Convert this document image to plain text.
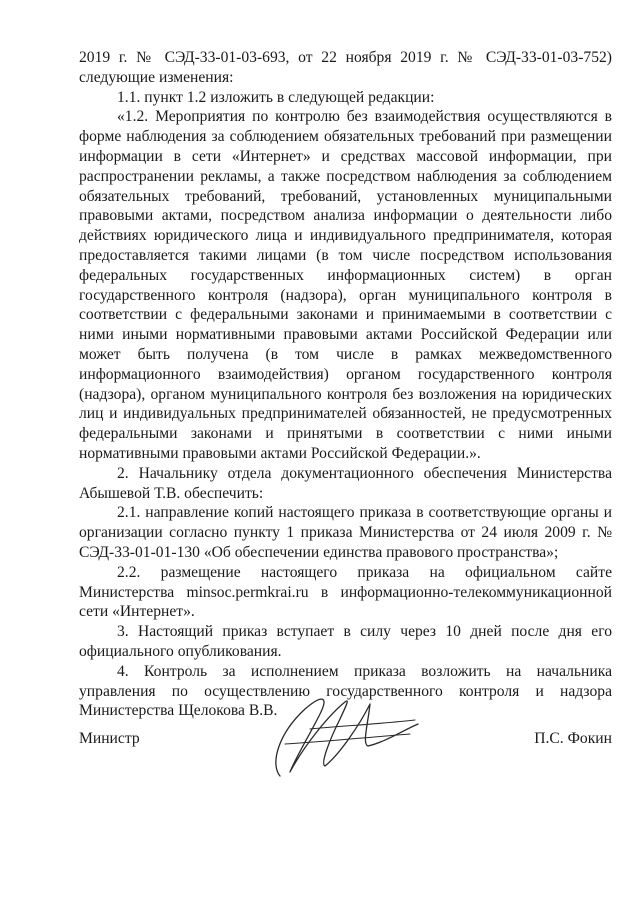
2019 г. № СЭД-33-01-03-693, от 22 ноября 2019 г. № СЭД-33-01-03-752) следующие изменения:

1.1. пункт 1.2 изложить в следующей редакции:

«1.2. Мероприятия по контролю без взаимодействия осуществляются в форме наблюдения за соблюдением обязательных требований при размещении информации в сети «Интернет» и средствах массовой информации, при распространении рекламы, а также посредством наблюдения за соблюдением обязательных требований, требований, установленных муниципальными правовыми актами, посредством анализа информации о деятельности либо действиях юридического лица и индивидуального предпринимателя, которая предоставляется такими лицами (в том числе посредством использования федеральных государственных информационных систем) в орган государственного контроля (надзора), орган муниципального контроля в соответствии с федеральными законами и принимаемыми в соответствии с ними иными нормативными правовыми актами Российской Федерации или может быть получена (в том числе в рамках межведомственного информационного взаимодействия) органом государственного контроля (надзора), органом муниципального контроля без возложения на юридических лиц и индивидуальных предпринимателей обязанностей, не предусмотренных федеральными законами и принятыми в соответствии с ними иными нормативными правовыми актами Российской Федерации.».

2. Начальнику отдела документационного обеспечения Министерства Абышевой Т.В. обеспечить:

2.1. направление копий настоящего приказа в соответствующие органы и организации согласно пункту 1 приказа Министерства от 24 июля 2009 г. № СЭД-33-01-01-130 «Об обеспечении единства правового пространства»;

2.2. размещение настоящего приказа на официальном сайте Министерства minsoc.permkrai.ru в информационно-телекоммуникационной сети «Интернет».

3. Настоящий приказ вступает в силу через 10 дней после дня его официального опубликования.

4. Контроль за исполнением приказа возложить на начальника управления по осуществлению государственного контроля и надзора Министерства Щелокова В.В.

Министр	П.С. Фокин
